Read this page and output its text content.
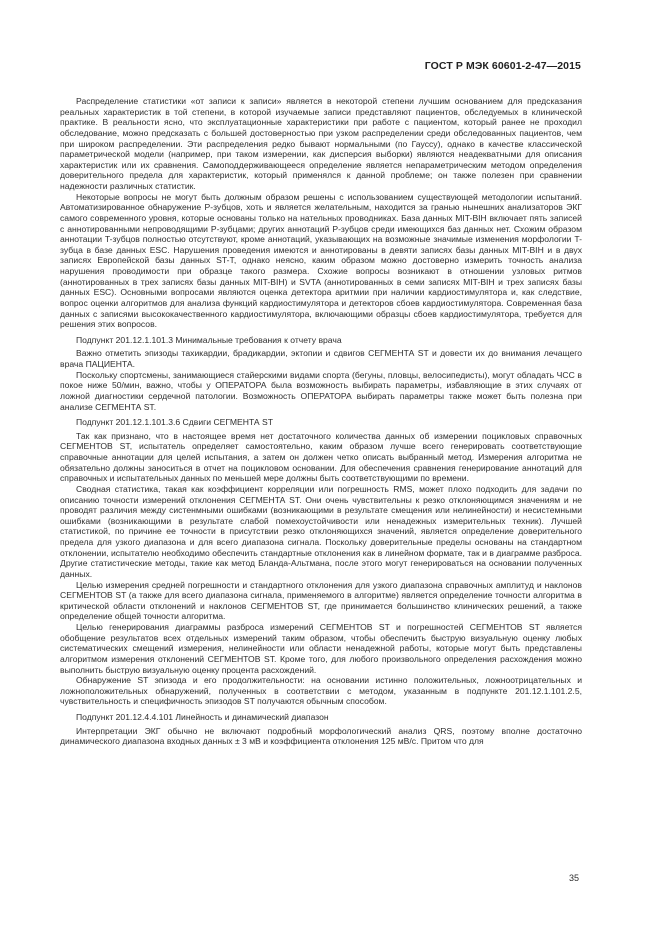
ГОСТ Р МЭК 60601-2-47—2015

Распределение статистики «от записи к записи» является в некоторой степени лучшим основанием для предсказания реальных характеристик в той степени, в которой изучаемые записи представляют пациентов, обследуемых в клинической практике. В реальности ясно, что эксплуатационные характеристики при работе с пациентом, который ранее не проходил обследование, можно предсказать с большей достоверностью при узком распределении среди обследованных пациентов, чем при широком распределении. Эти распределения редко бывают нормальными (по Гауссу), однако в качестве классической параметрической модели (например, при таком измерении, как дисперсия выборки) являются неадекватными для описания характеристик или их сравнения. Самоподдерживающееся определение является непараметрическим методом определения доверительного предела для характеристик, который применялся к данной проблеме; он также полезен при сравнении надежности различных статистик.

Некоторые вопросы не могут быть должным образом решены с использованием существующей методологии испытаний. Автоматизированное обнаружение P-зубцов, хоть и является желательным, находится за гранью нынешних анализаторов ЭКГ самого современного уровня, которые основаны только на нательных проводниках. База данных MIT-BIH включает пять записей с аннотированными непроводящими P-зубцами; других аннотаций P-зубцов среди имеющихся баз данных нет. Схожим образом аннотации T-зубцов полностью отсутствуют, кроме аннотаций, указывающих на возможные значимые изменения морфологии T-зубца в базе данных ESC. Нарушения проведения имеются и аннотированы в девяти записях базы данных MIT-BIH и в двух записях Европейской базы данных ST-T, однако неясно, каким образом можно достоверно измерить точность анализа нарушения проводимости при образце такого размера. Схожие вопросы возникают в отношении узловых ритмов (аннотированных в трех записях базы данных MIT-BIH) и SVTA (аннотированных в семи записях MIT-BIH и трех записях базы данных ESC). Основными вопросами являются оценка детектора аритмии при наличии кардиостимулятора и, как следствие, вопрос оценки алгоритмов для анализа функций кардиостимулятора и детекторов сбоев кардиостимулятора. Современная база данных с записями высококачественного кардиостимулятора, включающими образцы сбоев кардиостимулятора, требуется для решения этих вопросов.

Подпункт 201.12.1.101.3 Минимальные требования к отчету врача

Важно отметить эпизоды тахикардии, брадикардии, эктопии и сдвигов СЕГМЕНТА ST и довести их до внимания лечащего врача ПАЦИЕНТА.

Поскольку спортсмены, занимающиеся стайерскими видами спорта (бегуны, пловцы, велосипедисты), могут обладать ЧСС в покое ниже 50/мин, важно, чтобы у ОПЕРАТОРА была возможность выбирать параметры, избавляющие в этих случаях от ложной диагностики сердечной патологии. Возможность ОПЕРАТОРА выбирать параметры также может быть полезна при анализе СЕГМЕНТА ST.

Подпункт 201.12.1.101.3.6 Сдвиги СЕГМЕНТА ST

Так как признано, что в настоящее время нет достаточного количества данных об измерении поцикловых справочных СЕГМЕНТОВ ST, испытатель определяет самостоятельно, каким образом лучше всего генерировать соответствующие справочные аннотации для целей испытания, а затем он должен четко описать выбранный метод. Измерения алгоритма не обязательно должны заноситься в отчет на поцикловом основании. Для обеспечения сравнения генерирование аннотаций для справочных и испытательных данных по меньшей мере должны быть соответствующими по времени.

Сводная статистика, такая как коэффициент корреляции или погрешность RMS, может плохо подходить для задачи по описанию точности измерений отклонения СЕГМЕНТА ST. Они очень чувствительны к резко отклоняющимся значениям и не проводят различия между систенмными ошибками (возникающими в результате смещения или нелинейности) и несистемными ошибками (возникающими в результате слабой помехоустойчивости или ненадежных измерительных техник). Лучшей статистикой, по причине ее точности в присутствии резко отклоняющихся значений, является определение доверительного предела для узкого диапазона и для всего диапазона сигнала. Поскольку доверительные пределы основаны на стандартном отклонении, испытателю необходимо обеспечить стандартные отклонения как в линейном формате, так и в диаграмме разброса. Другие статистические методы, такие как метод Бланда-Альтмана, после этого могут генерироваться на основании полученных данных.

Целью измерения средней погрешности и стандартного отклонения для узкого диапазона справочных амплитуд и наклонов СЕГМЕНТОВ ST (а также для всего диапазона сигнала, применяемого в алгоритме) является определение точности алгоритма в критической области отклонений и наклонов СЕГМЕНТОВ ST, где принимается большинство клинических решений, а также определение общей точности алгоритма.

Целью генерирования диаграммы разброса измерений СЕГМЕНТОВ ST и погрешностей СЕГМЕНТОВ ST является обобщение результатов всех отдельных измерений таким образом, чтобы обеспечить быструю визуальную оценку любых систематических смещений измерения, нелинейности или области ненадежной работы, которые могут быть представлены алгоритмом измерения отклонений СЕГМЕНТОВ ST. Кроме того, для любого произвольного определения расхождения можно выполнить быструю визуальную оценку процента расхождений.

Обнаружение ST эпизода и его продолжительности: на основании истинно положительных, ложноотрицательных и ложноположительных обнаружений, полученных в соответствии с методом, указанным в подпункте 201.12.1.101.2.5, чувствительность и специфичность эпизодов ST получаются обычным способом.

Подпункт 201.12.4.4.101 Линейность и динамический диапазон

Интерпретации ЭКГ обычно не включают подробный морфологический анализ QRS, поэтому вполне достаточно динамического диапазона входных данных ± 3 мВ и коэффициента отклонения 125 мВ/с. Притом что для

35
